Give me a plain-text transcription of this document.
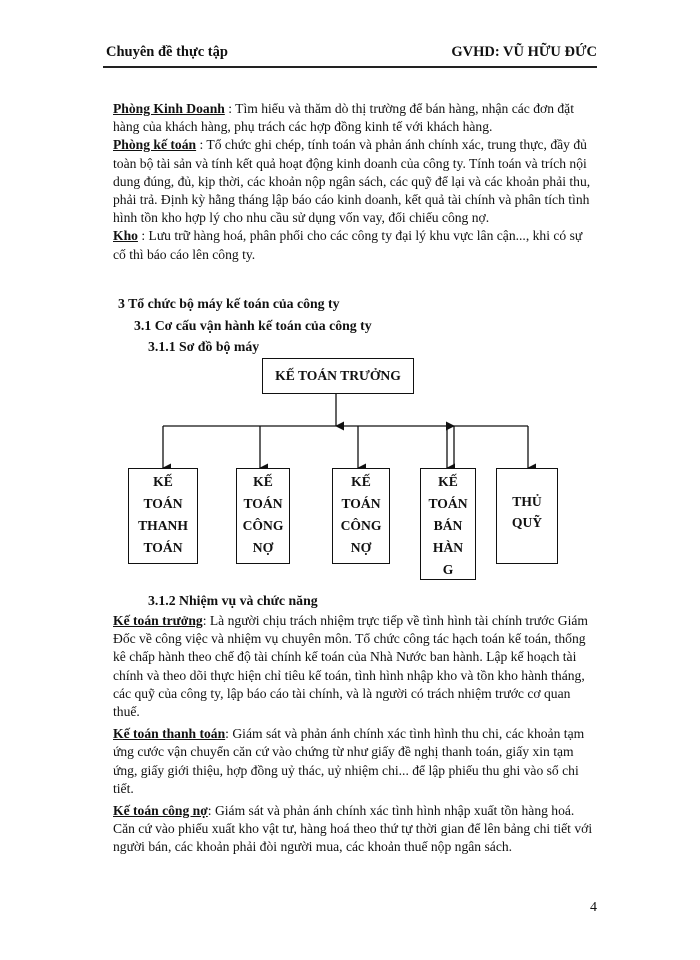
Chuyên đề thực tập	GVHD: VŨ HỮU ĐỨC

Phòng Kinh Doanh : Tìm hiểu và thăm dò thị trường để bán hàng, nhận các đơn đặt hàng của khách hàng, phụ trách các hợp đồng kinh tế với khách hàng.

Phòng kế toán : Tổ chức ghi chép, tính toán và phản ánh chính xác, trung thực, đầy đủ toàn bộ tài sản và tính kết quả hoạt động kinh doanh của công ty. Tính toán và trích nội dung đúng, đủ, kịp thời, các khoản nộp ngân sách, các quỹ để lại và các khoản phải thu, phải trả. Định kỳ hằng tháng lập báo cáo kinh doanh, kết quả tài chính và phân tích tình hình tồn kho hợp lý cho nhu cầu sử dụng vốn vay, đối chiếu công nợ.

Kho : Lưu trữ hàng hoá, phân phối cho các công ty đại lý khu vực lân cận..., khi có sự cố thì báo cáo lên công ty.

3 Tổ chức bộ máy kế toán của công ty
3.1 Cơ cấu vận hành kế toán của công ty
3.1.1 Sơ đồ bộ máy
KẾ TOÁN TRƯỞNG
KẾ
TOÁN
THANH
TOÁN
KẾ
TOÁN
CÔNG
NỢ
KẾ
TOÁN
CÔNG
NỢ
KẾ
TOÁN
BÁN
HÀN
G
THỦ
QUỸ
3.1.2 Nhiệm vụ và chức năng

Kế toán trưởng: Là người chịu trách nhiệm trực tiếp về tình hình tài chính trước Giám Đốc về công việc và nhiệm vụ chuyên môn. Tổ chức công tác hạch toán kế toán, thống kê chấp hành theo chế độ tài chính kế toán của Nhà Nước ban hành. Lập kế hoạch tài chính và theo dõi thực hiện chỉ tiêu kế toán, tình hình nhập kho và tồn kho hành tháng, các quỹ của công ty, lập báo cáo tài chính, và là người có trách nhiệm trước cơ quan thuế.

Kế toán thanh toán: Giám sát và phản ánh chính xác tình hình thu chi, các khoản tạm ứng cước vận chuyển căn cứ vào chứng từ như giấy đề nghị thanh toán, giấy xin tạm ứng, giấy giới thiệu, hợp đồng uỷ thác, uỷ nhiệm chi... để lập phiếu thu ghi vào sổ chi tiết.

Kế toán công nợ: Giám sát và phản ánh chính xác tình hình nhập xuất tồn hàng hoá. Căn cứ vào phiếu xuất kho vật tư, hàng hoá theo thứ tự thời gian để lên bảng chi tiết với người bán, các khoản phải đòi người mua, các khoản thuế nộp ngân sách.

4
